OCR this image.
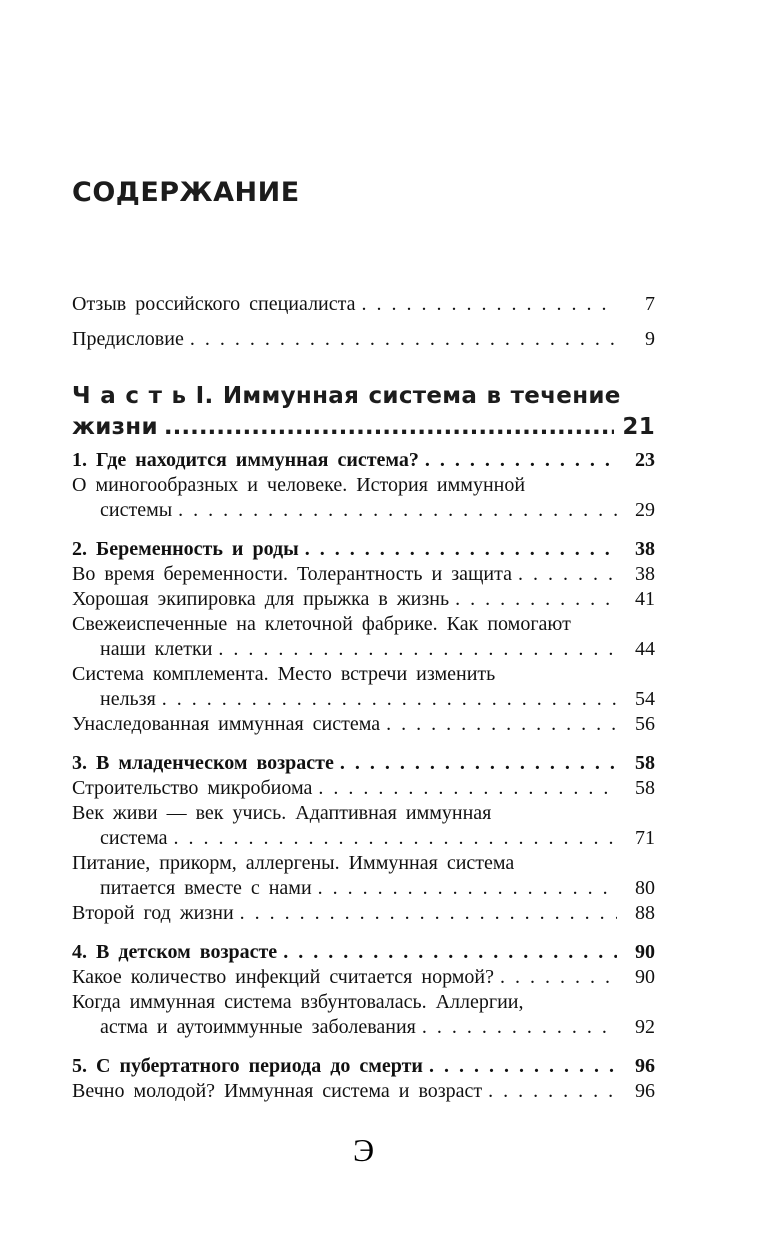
СОДЕРЖАНИЕ
Отзыв российского специалиста .....	7
Предисловие .....	9
Ч а с т ь I. Иммунная система в течение
жизни .....	21
1. Где находится иммунная система? .....	23
О миногообразных и человеке. История иммунной
системы .....	29
2. Беременность и роды .....	38
Во время беременности. Толерантность и защита .....	38
Хорошая экипировка для прыжка в жизнь .....	41
Свежеиспеченные на клеточной фабрике. Как помогают
наши клетки .....	44
Система комплемента. Место встречи изменить
нельзя .....	54
Унаследованная иммунная система .....	56
3. В младенческом возрасте .....	58
Строительство микробиома .....	58
Век живи — век учись. Адаптивная иммунная
система .....	71
Питание, прикорм, аллергены. Иммунная система
питается вместе с нами .....	80
Второй год жизни .....	88
4. В детском возрасте .....	90
Какое количество инфекций считается нормой? .....	90
Когда иммунная система взбунтовалась. Аллергии,
астма и аутоиммунные заболевания .....	92
5. С пубертатного периода до смерти .....	96
Вечно молодой? Иммунная система и возраст .....	96
Э
